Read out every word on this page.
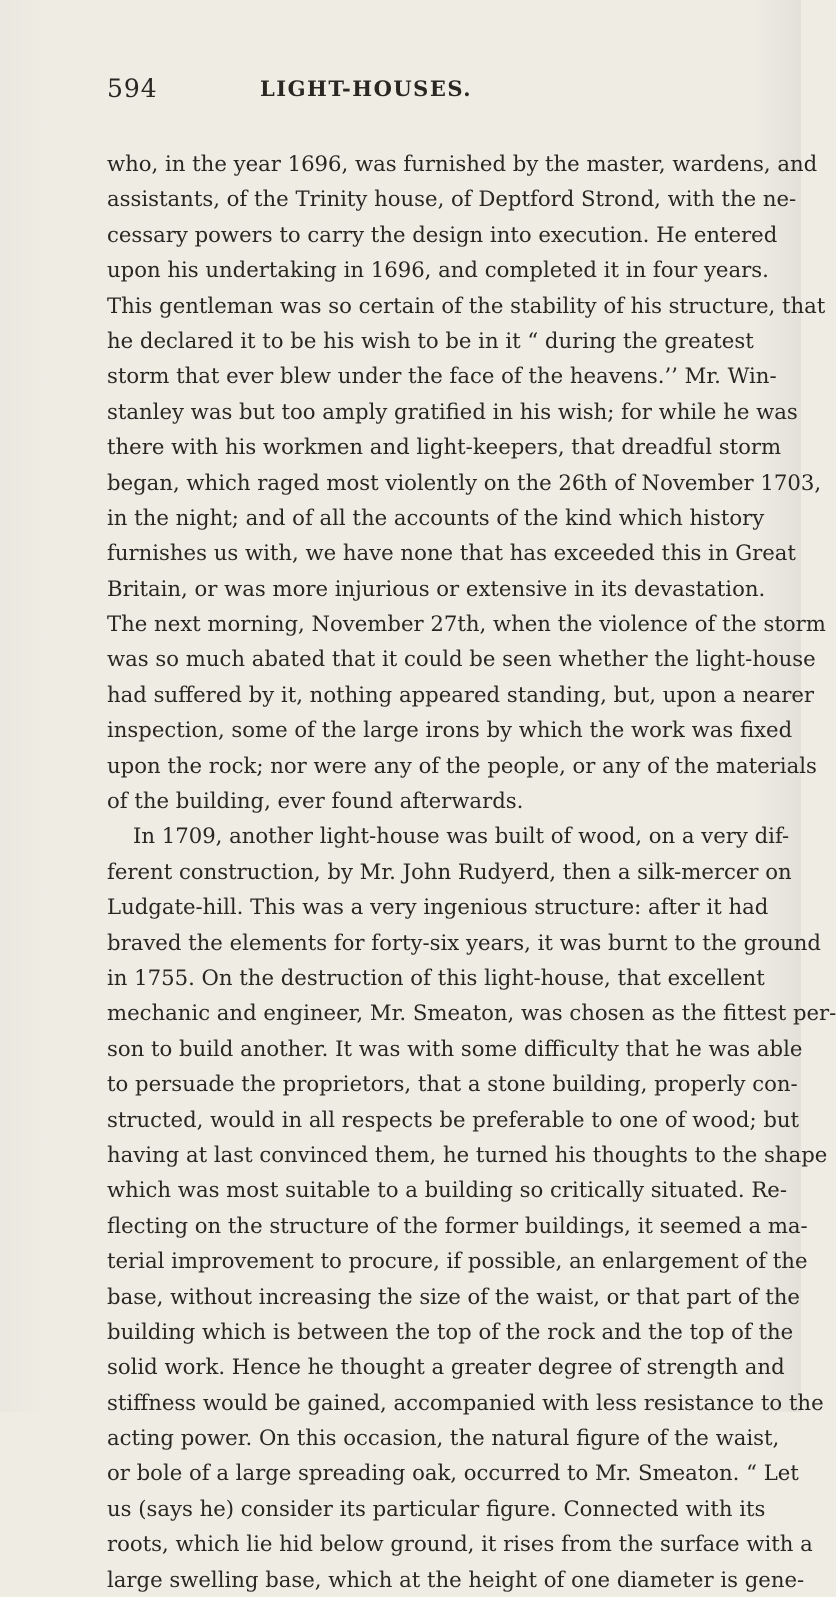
594	LIGHT-HOUSES.
who, in the year 1696, was furnished by the master, wardens, and
assistants, of the Trinity house, of Deptford Strond, with the ne-
cessary powers to carry the design into execution. He entered
upon his undertaking in 1696, and completed it in four years.
This gentleman was so certain of the stability of his structure, that
he declared it to be his wish to be in it “ during the greatest
storm that ever blew under the face of the heavens.’’ Mr. Win-
stanley was but too amply gratified in his wish; for while he was
there with his workmen and light-keepers, that dreadful storm
began, which raged most violently on the 26th of November 1703,
in the night; and of all the accounts of the kind which history
furnishes us with, we have none that has exceeded this in Great
Britain, or was more injurious or extensive in its devastation.
The next morning, November 27th, when the violence of the storm
was so much abated that it could be seen whether the light-house
had suffered by it, nothing appeared standing, but, upon a nearer
inspection, some of the large irons by which the work was fixed
upon the rock; nor were any of the people, or any of the materials
of the building, ever found afterwards.
In 1709, another light-house was built of wood, on a very dif-
ferent construction, by Mr. John Rudyerd, then a silk-mercer on
Ludgate-hill. This was a very ingenious structure: after it had
braved the elements for forty-six years, it was burnt to the ground
in 1755. On the destruction of this light-house, that excellent
mechanic and engineer, Mr. Smeaton, was chosen as the fittest per-
son to build another. It was with some difficulty that he was able
to persuade the proprietors, that a stone building, properly con-
structed, would in all respects be preferable to one of wood; but
having at last convinced them, he turned his thoughts to the shape
which was most suitable to a building so critically situated. Re-
flecting on the structure of the former buildings, it seemed a ma-
terial improvement to procure, if possible, an enlargement of the
base, without increasing the size of the waist, or that part of the
building which is between the top of the rock and the top of the
solid work. Hence he thought a greater degree of strength and
stiffness would be gained, accompanied with less resistance to the
acting power. On this occasion, the natural figure of the waist,
or bole of a large spreading oak, occurred to Mr. Smeaton. “ Let
us (says he) consider its particular figure. Connected with its
roots, which lie hid below ground, it rises from the surface with a
large swelling base, which at the height of one diameter is gene-
